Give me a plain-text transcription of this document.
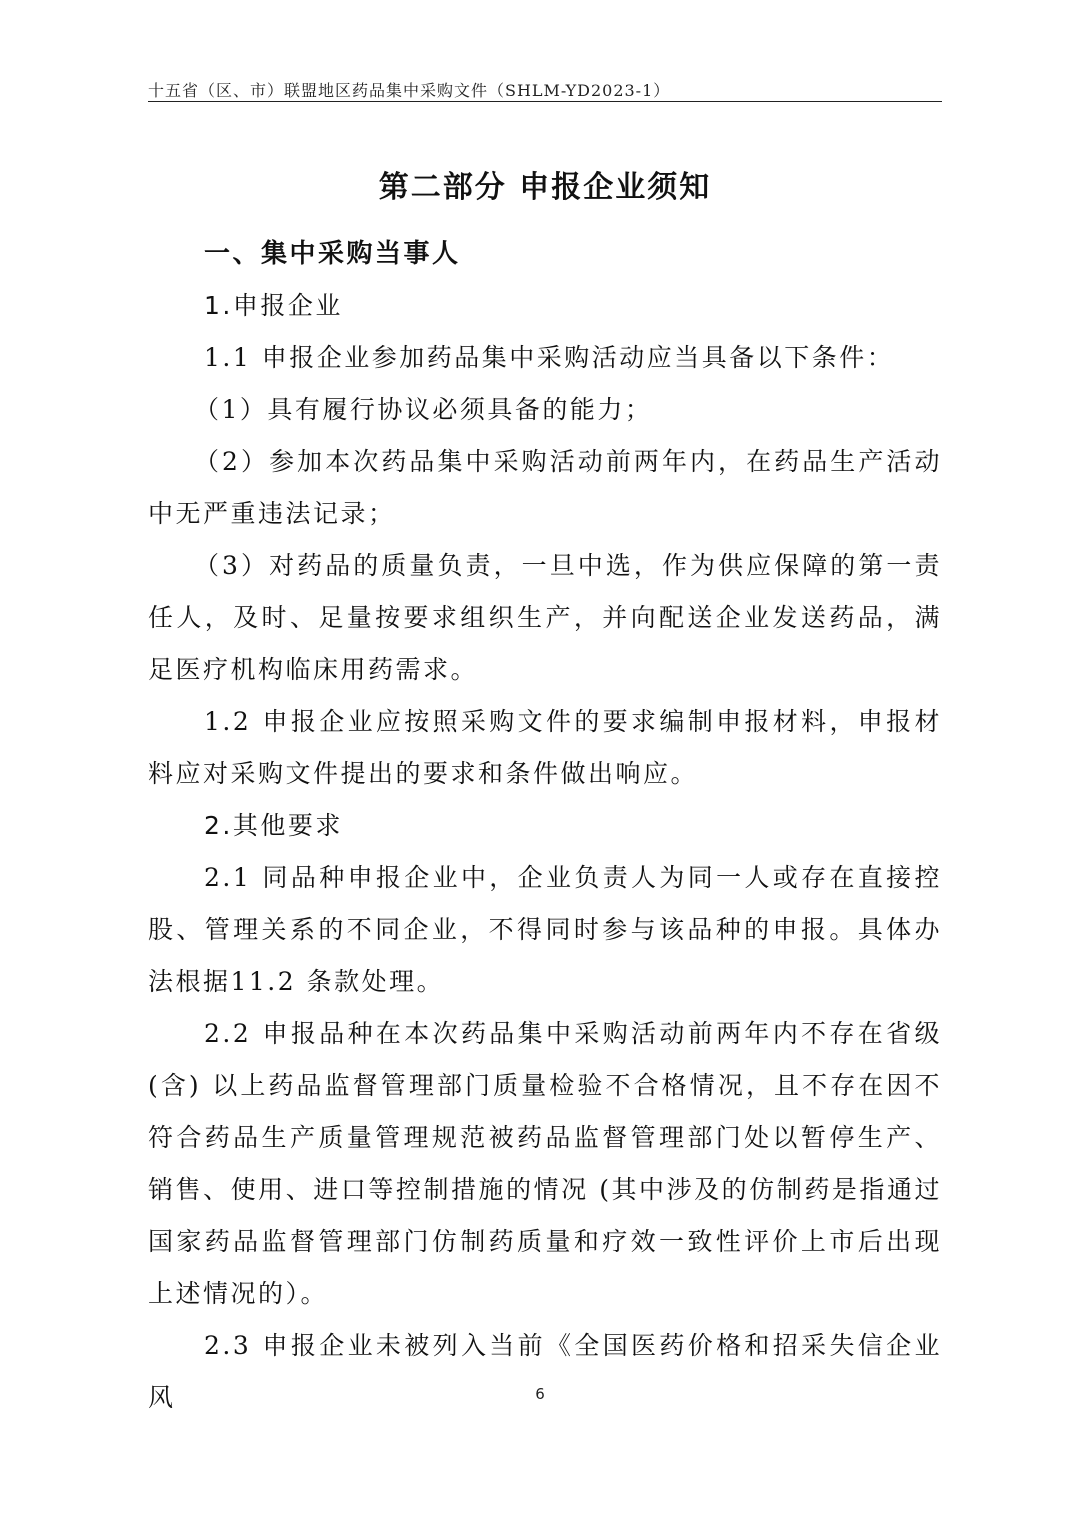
十五省（区、市）联盟地区药品集中采购文件（SHLM-YD2023-1）
第二部分 申报企业须知

一、集中采购当事人

1.申报企业

1.1 申报企业参加药品集中采购活动应当具备以下条件：

（1）具有履行协议必须具备的能力；

（2）参加本次药品集中采购活动前两年内，在药品生产活动中无严重违法记录；

（3）对药品的质量负责，一旦中选，作为供应保障的第一责任人，及时、足量按要求组织生产，并向配送企业发送药品，满足医疗机构临床用药需求。

1.2 申报企业应按照采购文件的要求编制申报材料，申报材料应对采购文件提出的要求和条件做出响应。

2.其他要求

2.1 同品种申报企业中，企业负责人为同一人或存在直接控股、管理关系的不同企业，不得同时参与该品种的申报。具体办法根据11.2 条款处理。

2.2 申报品种在本次药品集中采购活动前两年内不存在省级(含) 以上药品监督管理部门质量检验不合格情况，且不存在因不符合药品生产质量管理规范被药品监督管理部门处以暂停生产、销售、使用、进口等控制措施的情况 (其中涉及的仿制药是指通过国家药品监督管理部门仿制药质量和疗效一致性评价上市后出现上述情况的）。

2.3 申报企业未被列入当前《全国医药价格和招采失信企业风	6
